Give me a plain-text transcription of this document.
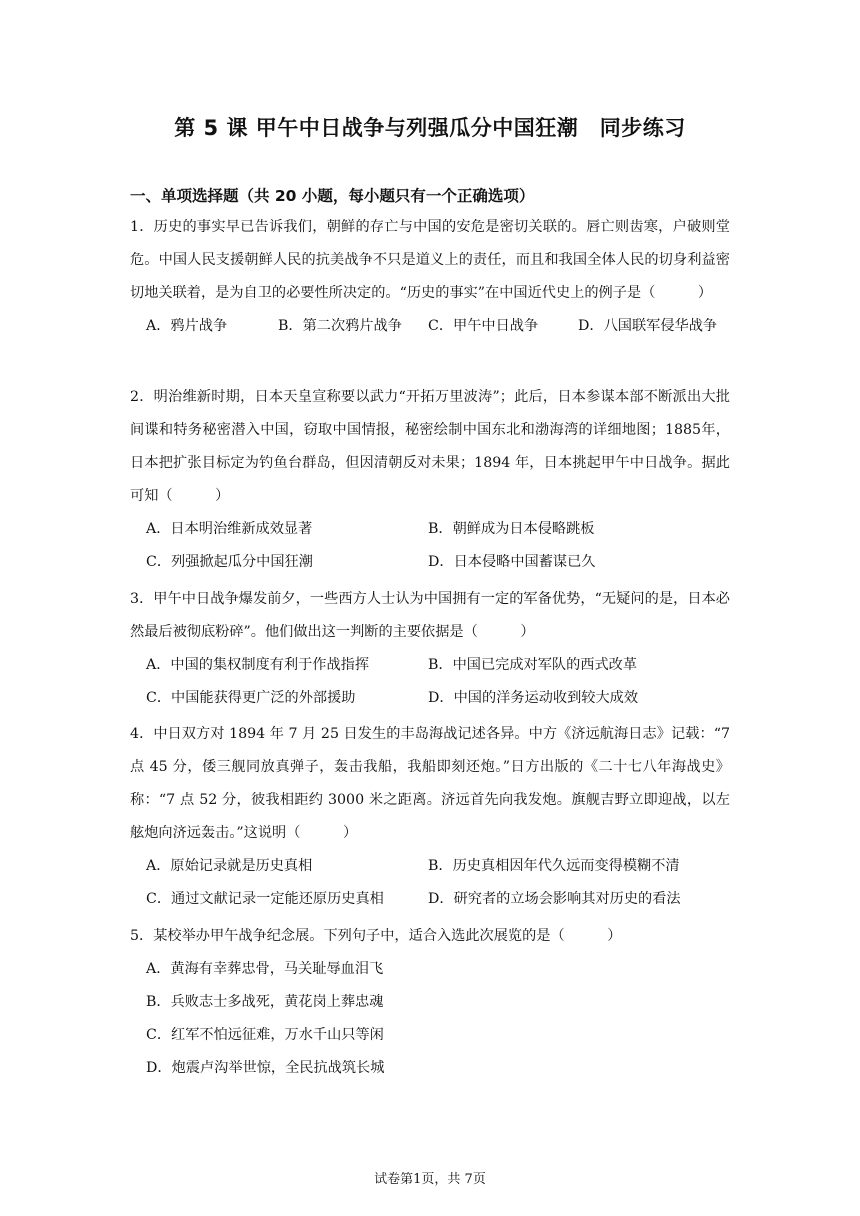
第 5 课 甲午中日战争与列强瓜分中国狂潮　同步练习
一、单项选择题（共 20 小题，每小题只有一个正确选项）
1．历史的事实早已告诉我们，朝鲜的存亡与中国的安危是密切关联的。唇亡则齿寒，户破则堂危。中国人民支援朝鲜人民的抗美战争不只是道义上的责任，而且和我国全体人民的切身利益密切地关联着，是为自卫的必要性所决定的。“历史的事实”在中国近代史上的例子是（　　　）
A．鸦片战争	B．第二次鸦片战争 C．甲午中日战争	D．八国联军侵华战争
2．明治维新时期，日本天皇宣称要以武力“开拓万里波涛”；此后，日本参谋本部不断派出大批间谍和特务秘密潜入中国，窃取中国情报，秘密绘制中国东北和渤海湾的详细地图；1885年，日本把扩张目标定为钓鱼台群岛，但因清朝反对未果；1894 年，日本挑起甲午中日战争。据此可知（　　　）
A．日本明治维新成效显著	B．朝鲜成为日本侵略跳板
C．列强掀起瓜分中国狂潮	D．日本侵略中国蓄谋已久
3．甲午中日战争爆发前夕，一些西方人士认为中国拥有一定的军备优势，“无疑问的是，日本必然最后被彻底粉碎”。他们做出这一判断的主要依据是（　　　）
A．中国的集权制度有利于作战指挥	B．中国已完成对军队的西式改革
C．中国能获得更广泛的外部援助	D．中国的洋务运动收到较大成效
4．中日双方对 1894 年 7 月 25 日发生的丰岛海战记述各异。中方《济远航海日志》记载：“7 点 45 分，倭三舰同放真弹子，轰击我船，我船即刻还炮。”日方出版的《二十七八年海战史》称：“7 点 52 分，彼我相距约 3000 米之距离。济远首先向我发炮。旗舰吉野立即迎战，以左舷炮向济远轰击。”这说明（　　　）
A．原始记录就是历史真相	B．历史真相因年代久远而变得模糊不清
C．通过文献记录一定能还原历史真相	D．研究者的立场会影响其对历史的看法
5．某校举办甲午战争纪念展。下列句子中，适合入选此次展览的是（　　　）
A．黄海有幸葬忠骨，马关耻辱血泪飞
B．兵败志士多战死，黄花岗上葬忠魂
C．红军不怕远征难，万水千山只等闲
D．炮震卢沟举世惊，全民抗战筑长城
试卷第1页，共 7页
